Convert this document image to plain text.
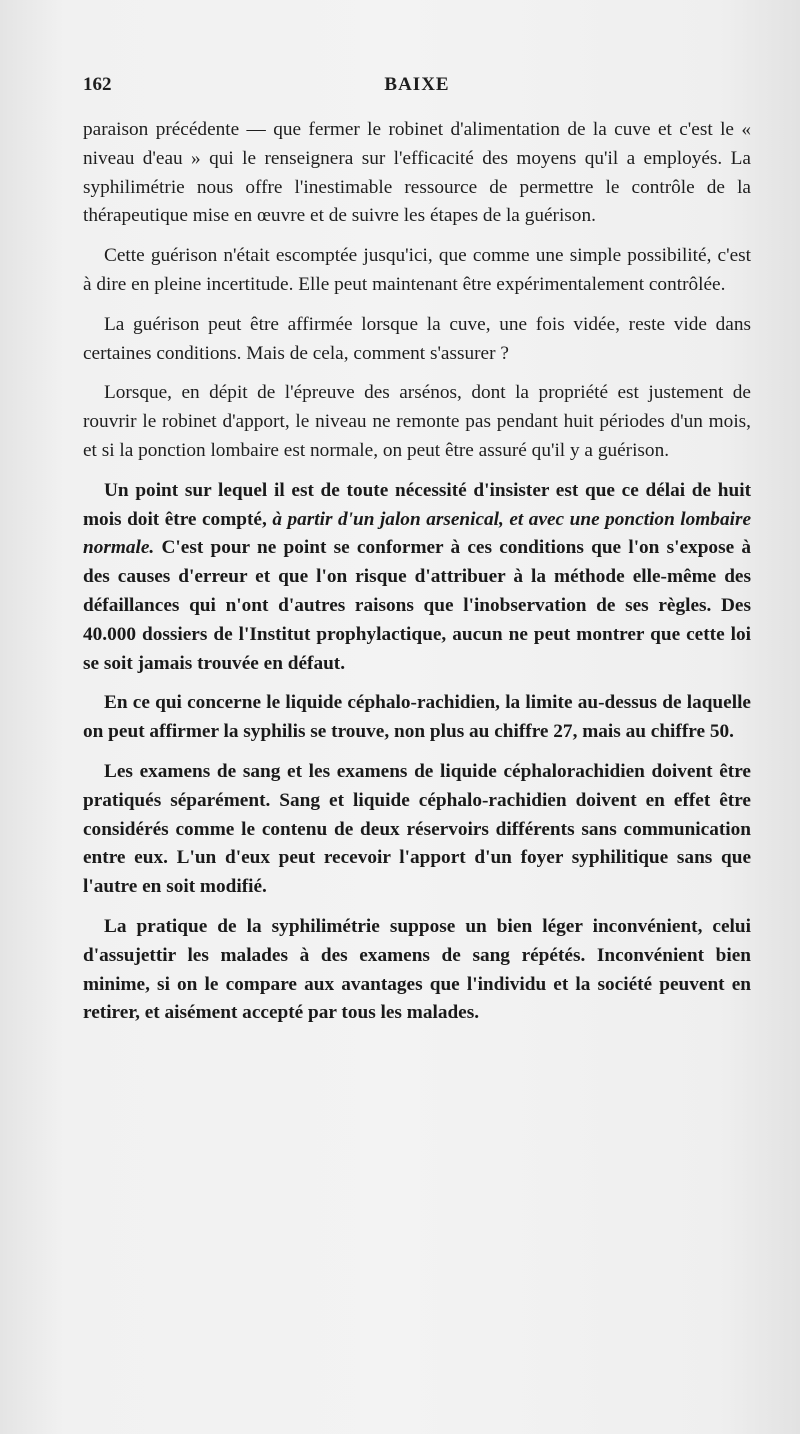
162	BAIXE

paraison précédente — que fermer le robinet d'alimentation de la cuve et c'est le « niveau d'eau » qui le renseignera sur l'efficacité des moyens qu'il a employés. La syphilimétrie nous offre l'inestimable ressource de permettre le contrôle de la thérapeutique mise en œuvre et de suivre les étapes de la guérison.

Cette guérison n'était escomptée jusqu'ici, que comme une simple possibilité, c'est à dire en pleine incertitude. Elle peut maintenant être expérimentalement contrôlée.

La guérison peut être affirmée lorsque la cuve, une fois vidée, reste vide dans certaines conditions. Mais de cela, comment s'assurer ?

Lorsque, en dépit de l'épreuve des arsénos, dont la propriété est justement de rouvrir le robinet d'apport, le niveau ne remonte pas pendant huit périodes d'un mois, et si la ponction lombaire est normale, on peut être assuré qu'il y a guérison.

Un point sur lequel il est de toute nécessité d'insister est que ce délai de huit mois doit être compté, à partir d'un jalon arsenical, et avec une ponction lombaire normale. C'est pour ne point se conformer à ces conditions que l'on s'expose à des causes d'erreur et que l'on risque d'attribuer à la méthode elle-même des défaillances qui n'ont d'autres raisons que l'inobservation de ses règles. Des 40.000 dossiers de l'Institut prophylactique, aucun ne peut montrer que cette loi se soit jamais trouvée en défaut.

En ce qui concerne le liquide céphalo-rachidien, la limite au-dessus de laquelle on peut affirmer la syphilis se trouve, non plus au chiffre 27, mais au chiffre 50.

Les examens de sang et les examens de liquide céphalorachidien doivent être pratiqués séparément. Sang et liquide céphalo-rachidien doivent en effet être considérés comme le contenu de deux réservoirs différents sans communication entre eux. L'un d'eux peut recevoir l'apport d'un foyer syphilitique sans que l'autre en soit modifié.

La pratique de la syphilimétrie suppose un bien léger inconvénient, celui d'assujettir les malades à des examens de sang répétés. Inconvénient bien minime, si on le compare aux avantages que l'individu et la société peuvent en retirer, et aisément accepté par tous les malades.
